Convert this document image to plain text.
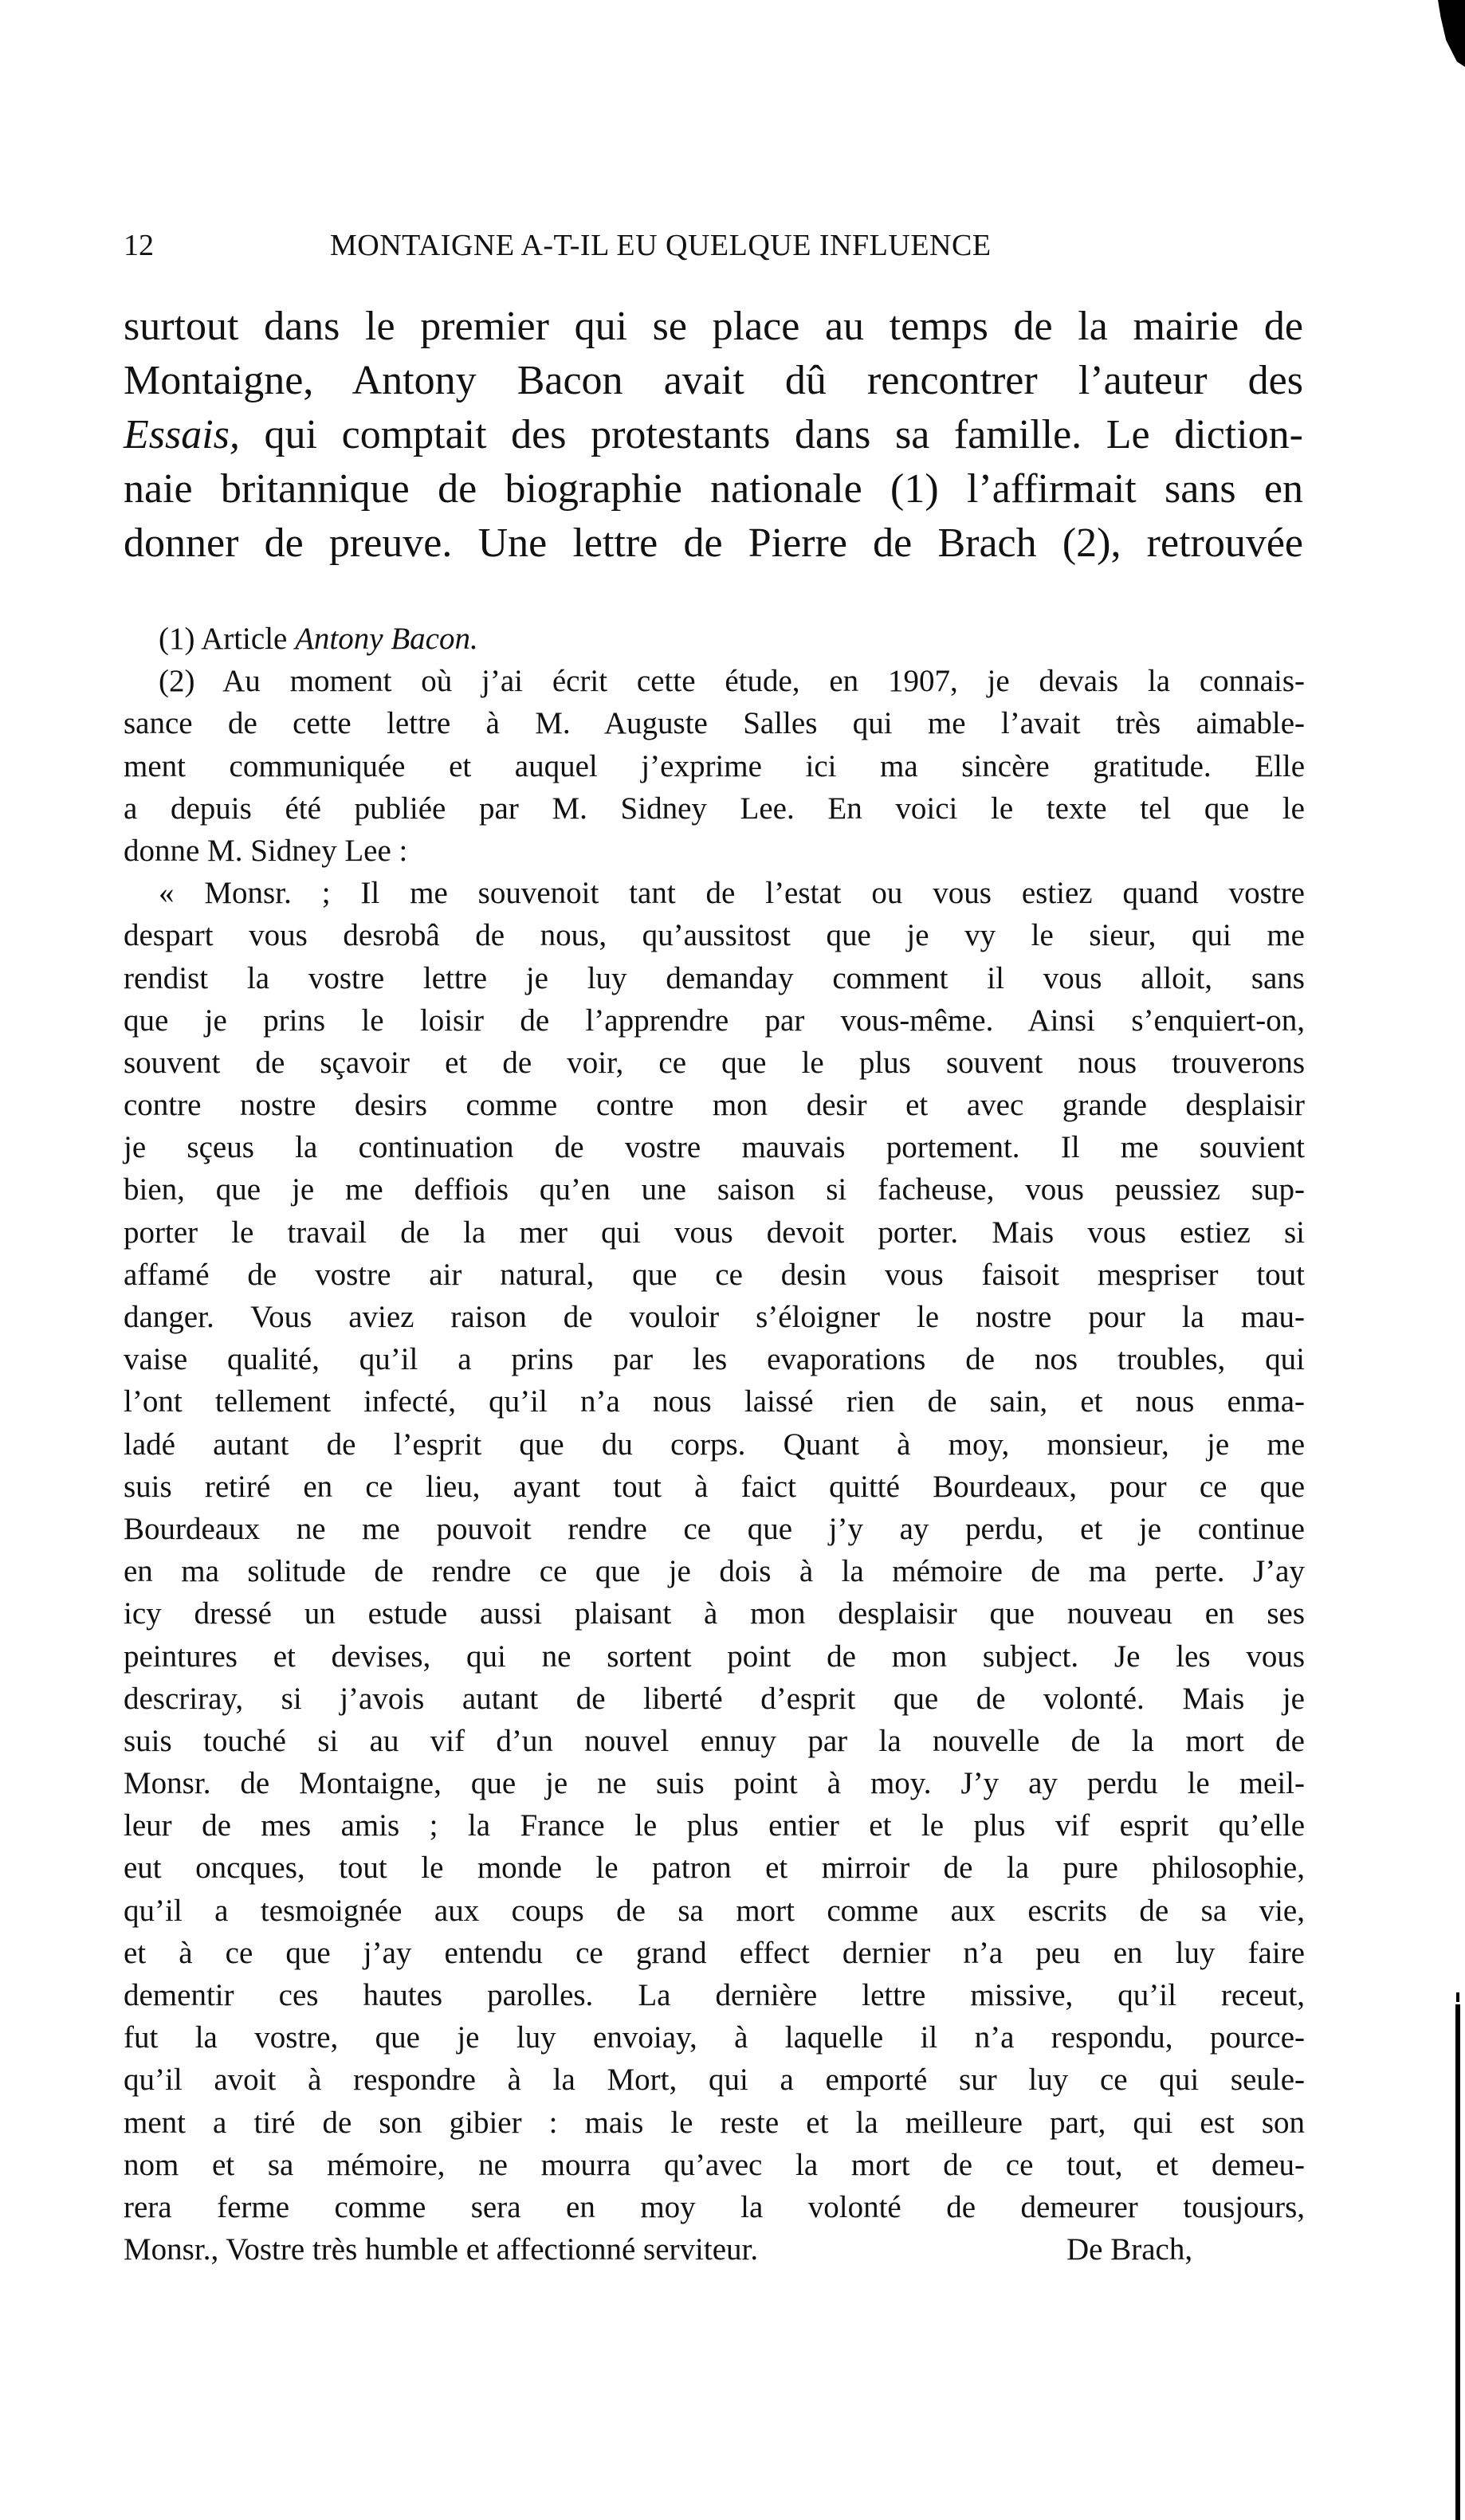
12	MONTAIGNE A-T-IL EU QUELQUE INFLUENCE
surtout dans le premier qui se place au temps de la mairie de
Montaigne, Antony Bacon avait dû rencontrer l’auteur des
Essais, qui comptait des protestants dans sa famille. Le diction-
naie britannique de biographie nationale (1) l’affirmait sans en
donner de preuve. Une lettre de Pierre de Brach (2), retrouvée
(1) Article Antony Bacon.
(2) Au moment où j’ai écrit cette étude, en 1907, je devais la connais-
sance de cette lettre à M. Auguste Salles qui me l’avait très aimable-
ment communiquée et auquel j’exprime ici ma sincère gratitude. Elle
a depuis été publiée par M. Sidney Lee. En voici le texte tel que le
donne M. Sidney Lee :
« Monsr. ; Il me souvenoit tant de l’estat ou vous estiez quand vostre
despart vous desrobâ de nous, qu’aussitost que je vy le sieur, qui me
rendist la vostre lettre je luy demanday comment il vous alloit, sans
que je prins le loisir de l’apprendre par vous-même. Ainsi s’enquiert-on,
souvent de sçavoir et de voir, ce que le plus souvent nous trouverons
contre nostre desirs comme contre mon desir et avec grande desplaisir
je sçeus la continuation de vostre mauvais portement. Il me souvient
bien, que je me deffiois qu’en une saison si facheuse, vous peussiez sup-
porter le travail de la mer qui vous devoit porter. Mais vous estiez si
affamé de vostre air natural, que ce desin vous faisoit mespriser tout
danger. Vous aviez raison de vouloir s’éloigner le nostre pour la mau-
vaise qualité, qu’il a prins par les evaporations de nos troubles, qui
l’ont tellement infecté, qu’il n’a nous laissé rien de sain, et nous enma-
ladé autant de l’esprit que du corps. Quant à moy, monsieur, je me
suis retiré en ce lieu, ayant tout à faict quitté Bourdeaux, pour ce que
Bourdeaux ne me pouvoit rendre ce que j’y ay perdu, et je continue
en ma solitude de rendre ce que je dois à la mémoire de ma perte. J’ay
icy dressé un estude aussi plaisant à mon desplaisir que nouveau en ses
peintures et devises, qui ne sortent point de mon subject. Je les vous
descriray, si j’avois autant de liberté d’esprit que de volonté. Mais je
suis touché si au vif d’un nouvel ennuy par la nouvelle de la mort de
Monsr. de Montaigne, que je ne suis point à moy. J’y ay perdu le meil-
leur de mes amis ; la France le plus entier et le plus vif esprit qu’elle
eut oncques, tout le monde le patron et mirroir de la pure philosophie,
qu’il a tesmoignée aux coups de sa mort comme aux escrits de sa vie,
et à ce que j’ay entendu ce grand effect dernier n’a peu en luy faire
dementir ces hautes parolles. La dernière lettre missive, qu’il receut,
fut la vostre, que je luy envoiay, à laquelle il n’a respondu, pource-
qu’il avoit à respondre à la Mort, qui a emporté sur luy ce qui seule-
ment a tiré de son gibier : mais le reste et la meilleure part, qui est son
nom et sa mémoire, ne mourra qu’avec la mort de ce tout, et demeu-
rera ferme comme sera en moy la volonté de demeurer tousjours,
Monsr., Vostre très humble et affectionné serviteur.	De Brach,
